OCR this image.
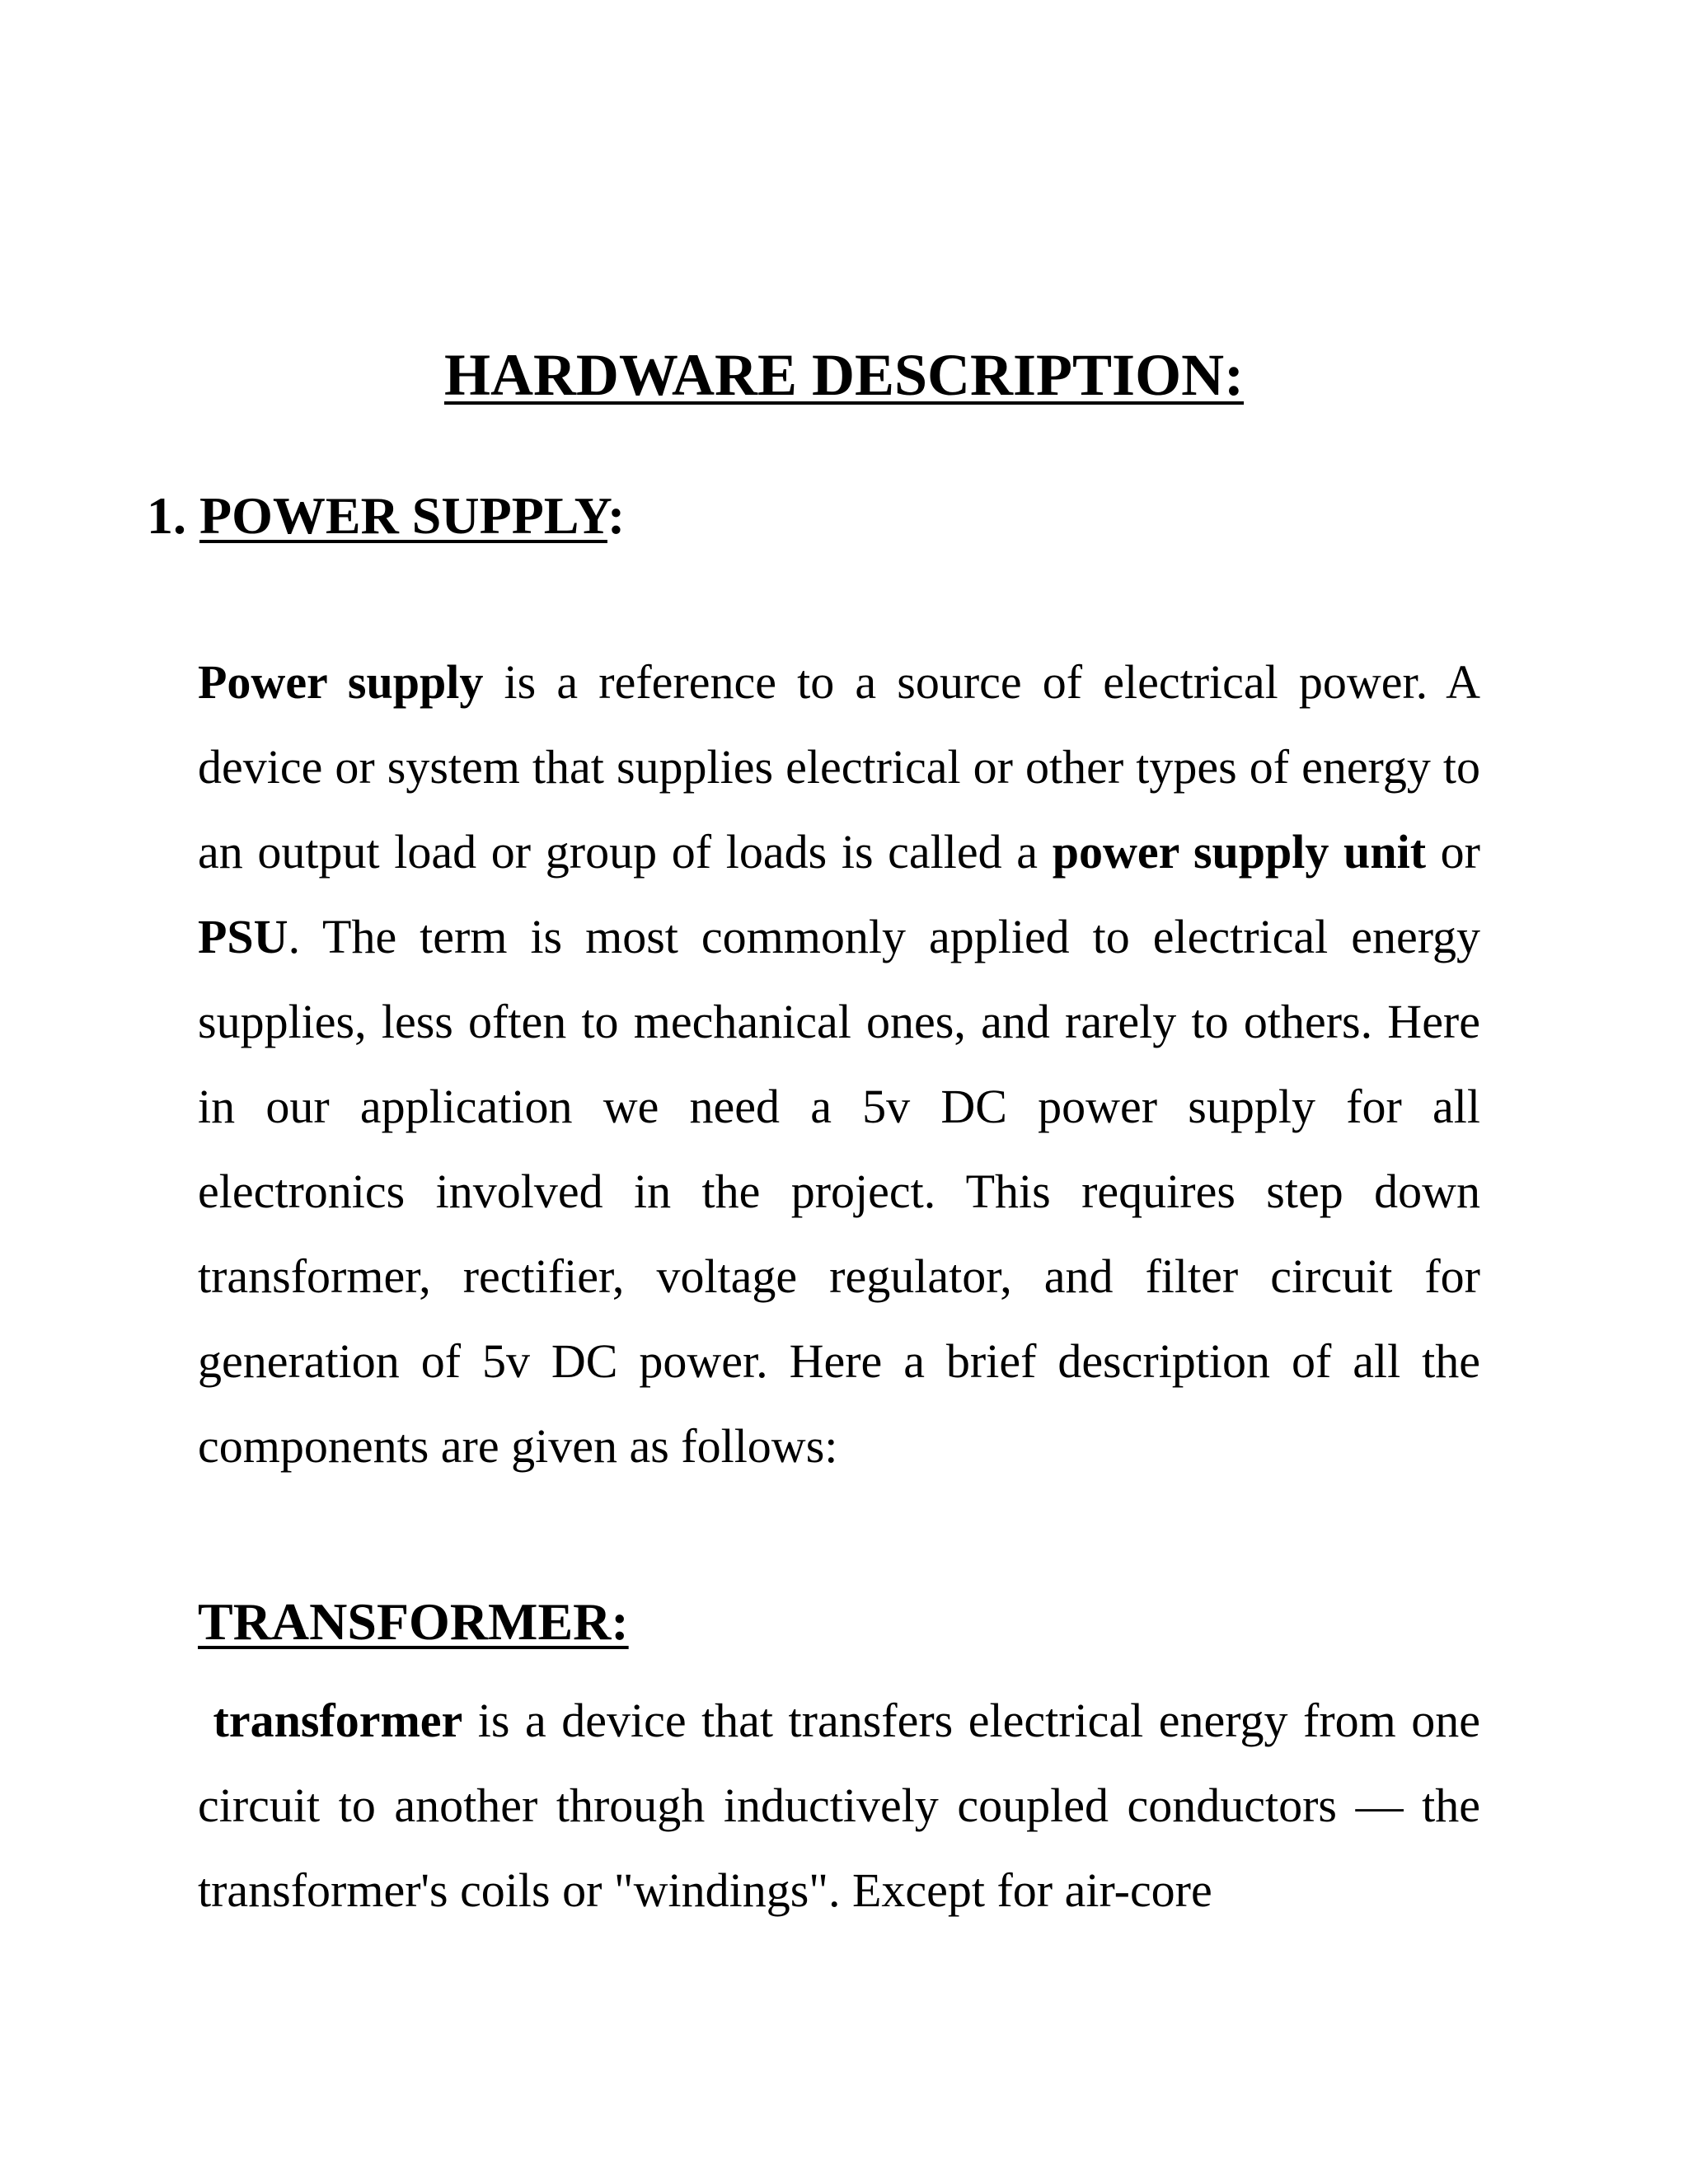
HARDWARE DESCRIPTION:
1. POWER SUPPLY:

Power supply is a reference to a source of electrical power. A device or system that supplies electrical or other types of energy to an output load or group of loads is called a power supply unit or PSU. The term is most commonly applied to electrical energy supplies, less often to mechanical ones, and rarely to others. Here in our application we need a 5v DC power supply for all electronics involved in the project. This requires step down transformer, rectifier, voltage regulator, and filter circuit for generation of 5v DC power. Here a brief description of all the components are given as follows:

TRANSFORMER:

transformer is a device that transfers electrical energy from one circuit to another through inductively coupled conductors — the transformer's coils or "windings". Except for air-core
